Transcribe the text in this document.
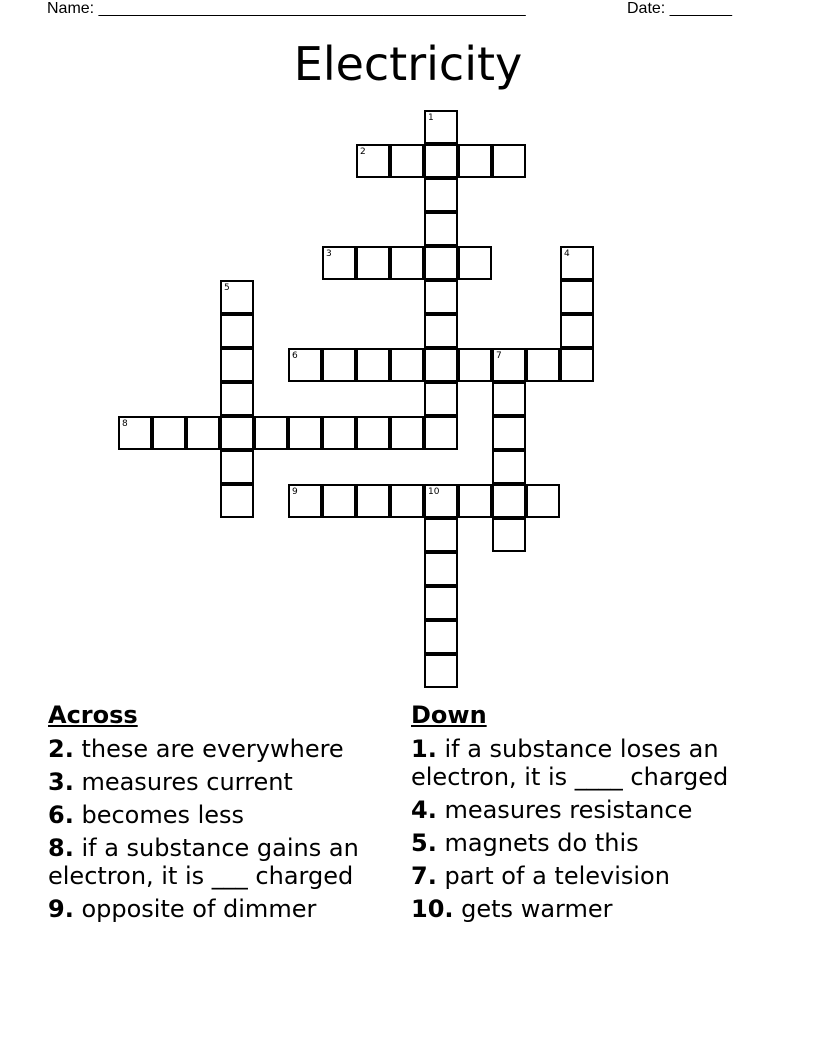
Name: ________________________________________________	Date: _______
Electricity
1
2
3	4
5
6	7
8
9	10
Across
2. these are everywhere
3. measures current
6. becomes less
8. if a substance gains an electron, it is ___ charged
9. opposite of dimmer
Down
1. if a substance loses an electron, it is ____ charged
4. measures resistance
5. magnets do this
7. part of a television
10. gets warmer
